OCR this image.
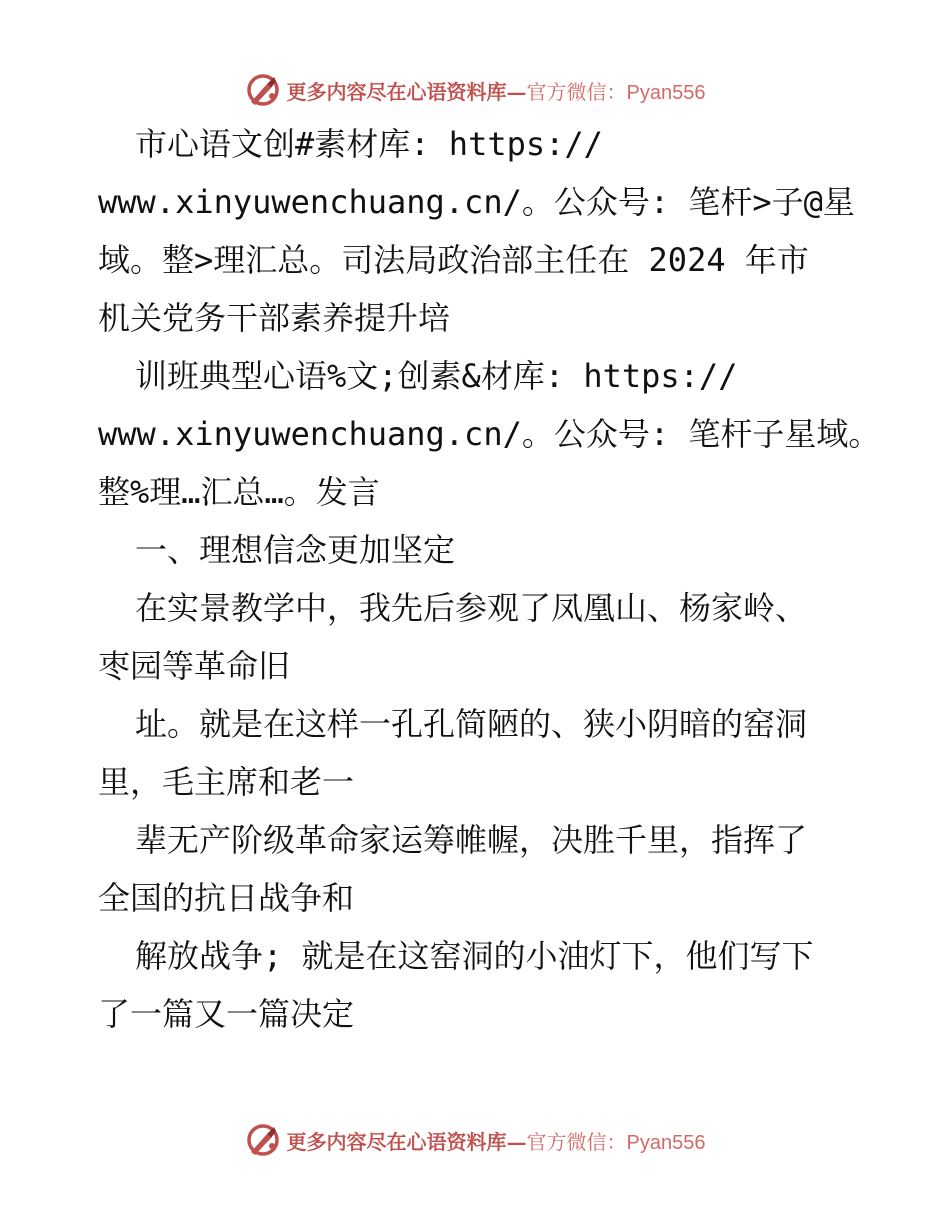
更多内容尽在心语资料库—官方微信：Pyan556
市心语文创#素材库: https://
www.xinyuwenchuang.cn/。公众号: 笔杆>子@星
域。整>理汇总。司法局政治部主任在 2024 年市
机关党务干部素养提升培
训班典型心语%文;创素&材库: https://
www.xinyuwenchuang.cn/。公众号: 笔杆子星域。
整%理…汇总…。发言
一、理想信念更加坚定
在实景教学中，我先后参观了凤凰山、杨家岭、
枣园等革命旧
址。就是在这样一孔孔简陋的、狭小阴暗的窑洞
里，毛主席和老一
辈无产阶级革命家运筹帷幄，决胜千里，指挥了
全国的抗日战争和
解放战争; 就是在这窑洞的小油灯下，他们写下
了一篇又一篇决定
更多内容尽在心语资料库—官方微信：Pyan556
